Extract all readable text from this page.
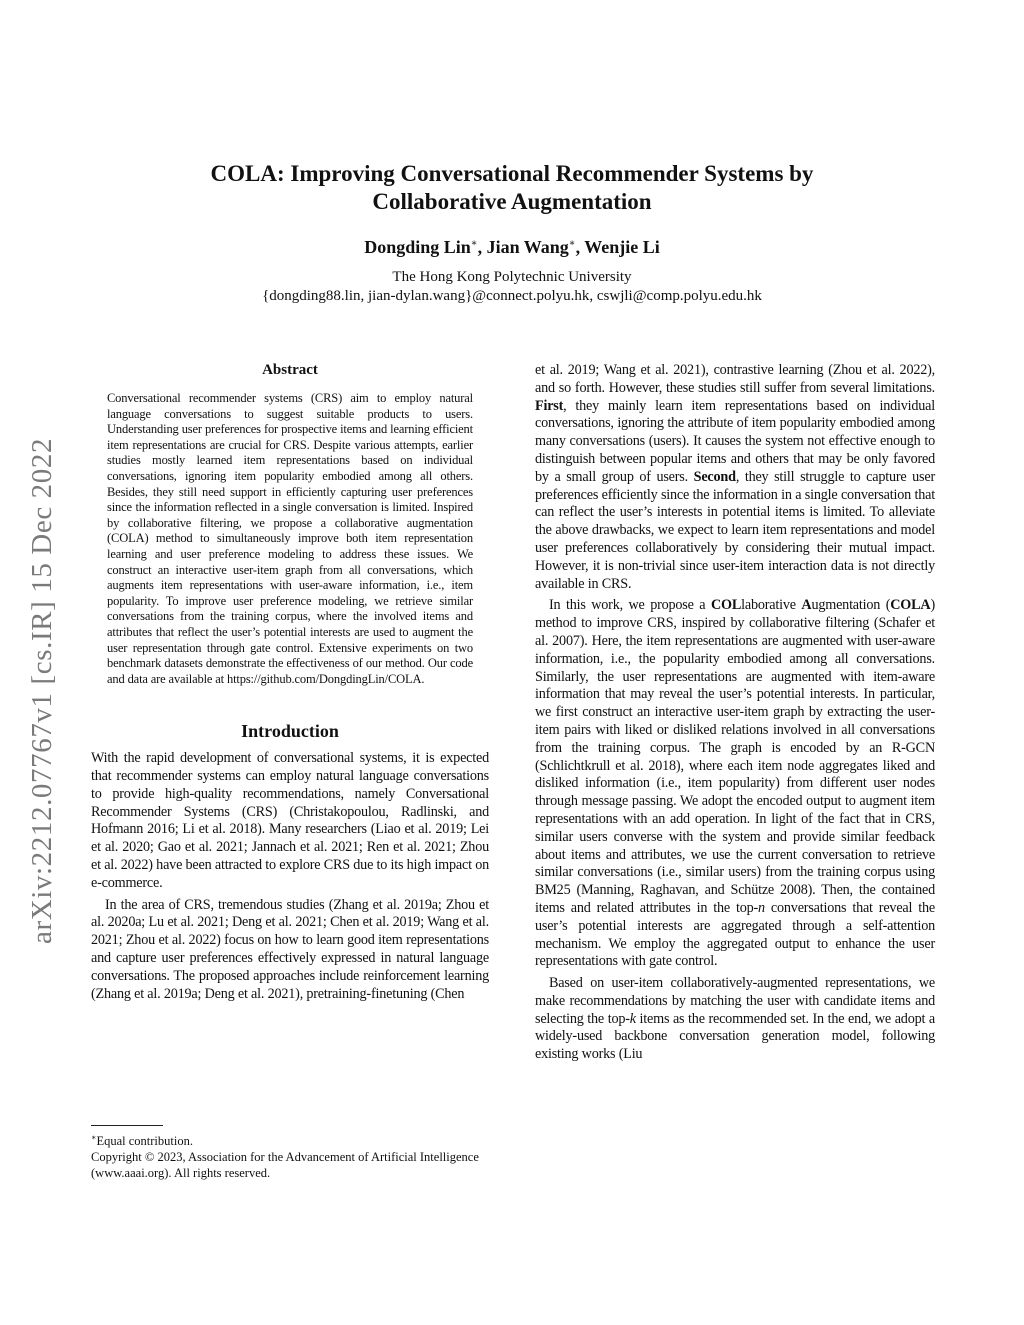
arXiv:2212.07767v1 [cs.IR] 15 Dec 2022
COLA: Improving Conversational Recommender Systems by
Collaborative Augmentation
Dongding Lin∗, Jian Wang∗, Wenjie Li
The Hong Kong Polytechnic University
{dongding88.lin, jian-dylan.wang}@connect.polyu.hk, cswjli@comp.polyu.edu.hk
Abstract

Conversational recommender systems (CRS) aim to employ natural language conversations to suggest suitable products to users. Understanding user preferences for prospective items and learning efficient item representations are crucial for CRS. Despite various attempts, earlier studies mostly learned item representations based on individual conversations, ignoring item popularity embodied among all others. Besides, they still need support in efficiently capturing user preferences since the information reflected in a single conversation is limited. Inspired by collaborative filtering, we propose a collaborative augmentation (COLA) method to simultaneously improve both item representation learning and user preference modeling to address these issues. We construct an interactive user-item graph from all conversations, which augments item representations with user-aware information, i.e., item popularity. To improve user preference modeling, we retrieve similar conversations from the training corpus, where the involved items and attributes that reflect the user’s potential interests are used to augment the user representation through gate control. Extensive experiments on two benchmark datasets demonstrate the effectiveness of our method. Our code and data are available at https://github.com/DongdingLin/COLA.

Introduction

With the rapid development of conversational systems, it is expected that recommender systems can employ natural language conversations to provide high-quality recommendations, namely Conversational Recommender Systems (CRS) (Christakopoulou, Radlinski, and Hofmann 2016; Li et al. 2018). Many researchers (Liao et al. 2019; Lei et al. 2020; Gao et al. 2021; Jannach et al. 2021; Ren et al. 2021; Zhou et al. 2022) have been attracted to explore CRS due to its high impact on e-commerce.

In the area of CRS, tremendous studies (Zhang et al. 2019a; Zhou et al. 2020a; Lu et al. 2021; Deng et al. 2021; Chen et al. 2019; Wang et al. 2021; Zhou et al. 2022) focus on how to learn good item representations and capture user preferences effectively expressed in natural language conversations. The proposed approaches include reinforcement learning (Zhang et al. 2019a; Deng et al. 2021), pretraining-finetuning (Chen

et al. 2019; Wang et al. 2021), contrastive learning (Zhou et al. 2022), and so forth. However, these studies still suffer from several limitations. First, they mainly learn item representations based on individual conversations, ignoring the attribute of item popularity embodied among many conversations (users). It causes the system not effective enough to distinguish between popular items and others that may be only favored by a small group of users. Second, they still struggle to capture user preferences efficiently since the information in a single conversation that can reflect the user’s interests in potential items is limited. To alleviate the above drawbacks, we expect to learn item representations and model user preferences collaboratively by considering their mutual impact. However, it is non-trivial since user-item interaction data is not directly available in CRS.

In this work, we propose a COLlaborative Augmentation (COLA) method to improve CRS, inspired by collaborative filtering (Schafer et al. 2007). Here, the item representations are augmented with user-aware information, i.e., the popularity embodied among all conversations. Similarly, the user representations are augmented with item-aware information that may reveal the user’s potential interests. In particular, we first construct an interactive user-item graph by extracting the user-item pairs with liked or disliked relations involved in all conversations from the training corpus. The graph is encoded by an R-GCN (Schlichtkrull et al. 2018), where each item node aggregates liked and disliked information (i.e., item popularity) from different user nodes through message passing. We adopt the encoded output to augment item representations with an add operation. In light of the fact that in CRS, similar users converse with the system and provide similar feedback about items and attributes, we use the current conversation to retrieve similar conversations (i.e., similar users) from the training corpus using BM25 (Manning, Raghavan, and Schütze 2008). Then, the contained items and related attributes in the top-n conversations that reveal the user’s potential interests are aggregated through a self-attention mechanism. We employ the aggregated output to enhance the user representations with gate control.

Based on user-item collaboratively-augmented representations, we make recommendations by matching the user with candidate items and selecting the top-k items as the recommended set. In the end, we adopt a widely-used backbone conversation generation model, following existing works (Liu

∗Equal contribution.

Copyright © 2023, Association for the Advancement of Artificial Intelligence (www.aaai.org). All rights reserved.
